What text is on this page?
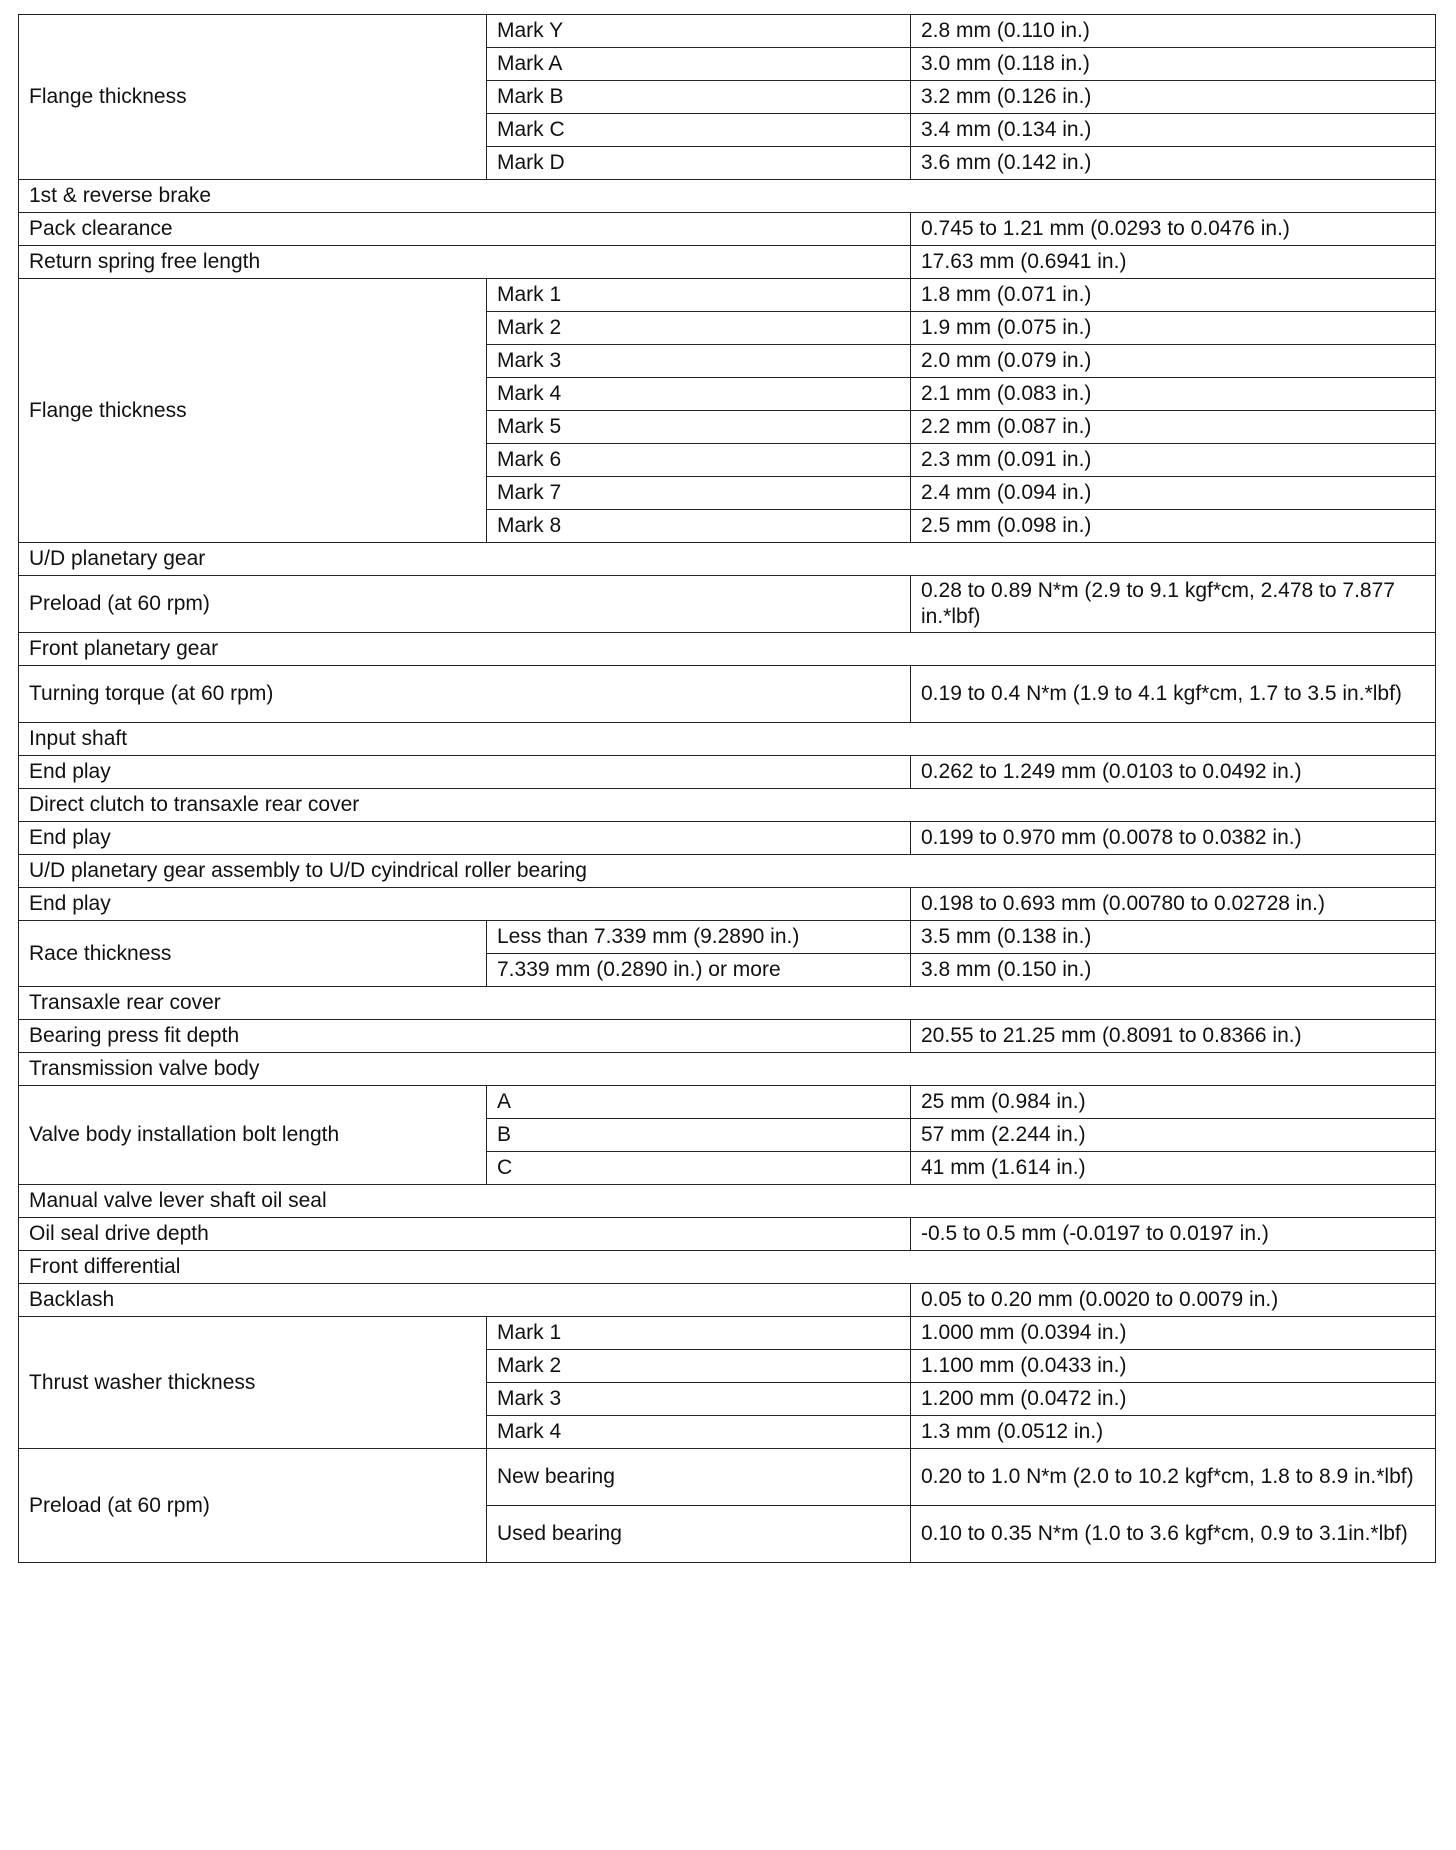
Flange thickness	Mark Y	2.8 mm (0.110 in.)
	Mark A	3.0 mm (0.118 in.)
	Mark B	3.2 mm (0.126 in.)
	Mark C	3.4 mm (0.134 in.)
	Mark D	3.6 mm (0.142 in.)
1st & reverse brake		
Pack clearance		0.745 to 1.21 mm (0.0293 to 0.0476 in.)
Return spring free length		17.63 mm (0.6941 in.)
Flange thickness	Mark 1	1.8 mm (0.071 in.)
	Mark 2	1.9 mm (0.075 in.)
	Mark 3	2.0 mm (0.079 in.)
	Mark 4	2.1 mm (0.083 in.)
	Mark 5	2.2 mm (0.087 in.)
	Mark 6	2.3 mm (0.091 in.)
	Mark 7	2.4 mm (0.094 in.)
	Mark 8	2.5 mm (0.098 in.)
U/D planetary gear		
Preload (at 60 rpm)		0.28 to 0.89 N*m (2.9 to 9.1 kgf*cm, 2.478 to 7.877 in.*lbf)
Front planetary gear		
Turning torque (at 60 rpm)		0.19 to 0.4 N*m (1.9 to 4.1 kgf*cm, 1.7 to 3.5 in.*lbf)
Input shaft		
End play		0.262 to 1.249 mm (0.0103 to 0.0492 in.)
Direct clutch to transaxle rear cover		
End play		0.199 to 0.970 mm (0.0078 to 0.0382 in.)
U/D planetary gear assembly to U/D cyindrical roller bearing		
End play		0.198 to 0.693 mm (0.00780 to 0.02728 in.)
Race thickness	Less than 7.339 mm (9.2890 in.)	3.5 mm (0.138 in.)
	7.339 mm (0.2890 in.) or more	3.8 mm (0.150 in.)
Transaxle rear cover		
Bearing press fit depth		20.55 to 21.25 mm (0.8091 to 0.8366 in.)
Transmission valve body		
Valve body installation bolt length	A	25 mm (0.984 in.)
	B	57 mm (2.244 in.)
	C	41 mm (1.614 in.)
Manual valve lever shaft oil seal		
Oil seal drive depth		-0.5 to 0.5 mm (-0.0197 to 0.0197 in.)
Front differential		
Backlash		0.05 to 0.20 mm (0.0020 to 0.0079 in.)
Thrust washer thickness	Mark 1	1.000 mm (0.0394 in.)
	Mark 2	1.100 mm (0.0433 in.)
	Mark 3	1.200 mm (0.0472 in.)
	Mark 4	1.3 mm (0.0512 in.)
Preload (at 60 rpm)	New bearing	0.20 to 1.0 N*m (2.0 to 10.2 kgf*cm, 1.8 to 8.9 in.*lbf)
	Used bearing	0.10 to 0.35 N*m (1.0 to 3.6 kgf*cm, 0.9 to 3.1in.*lbf)
